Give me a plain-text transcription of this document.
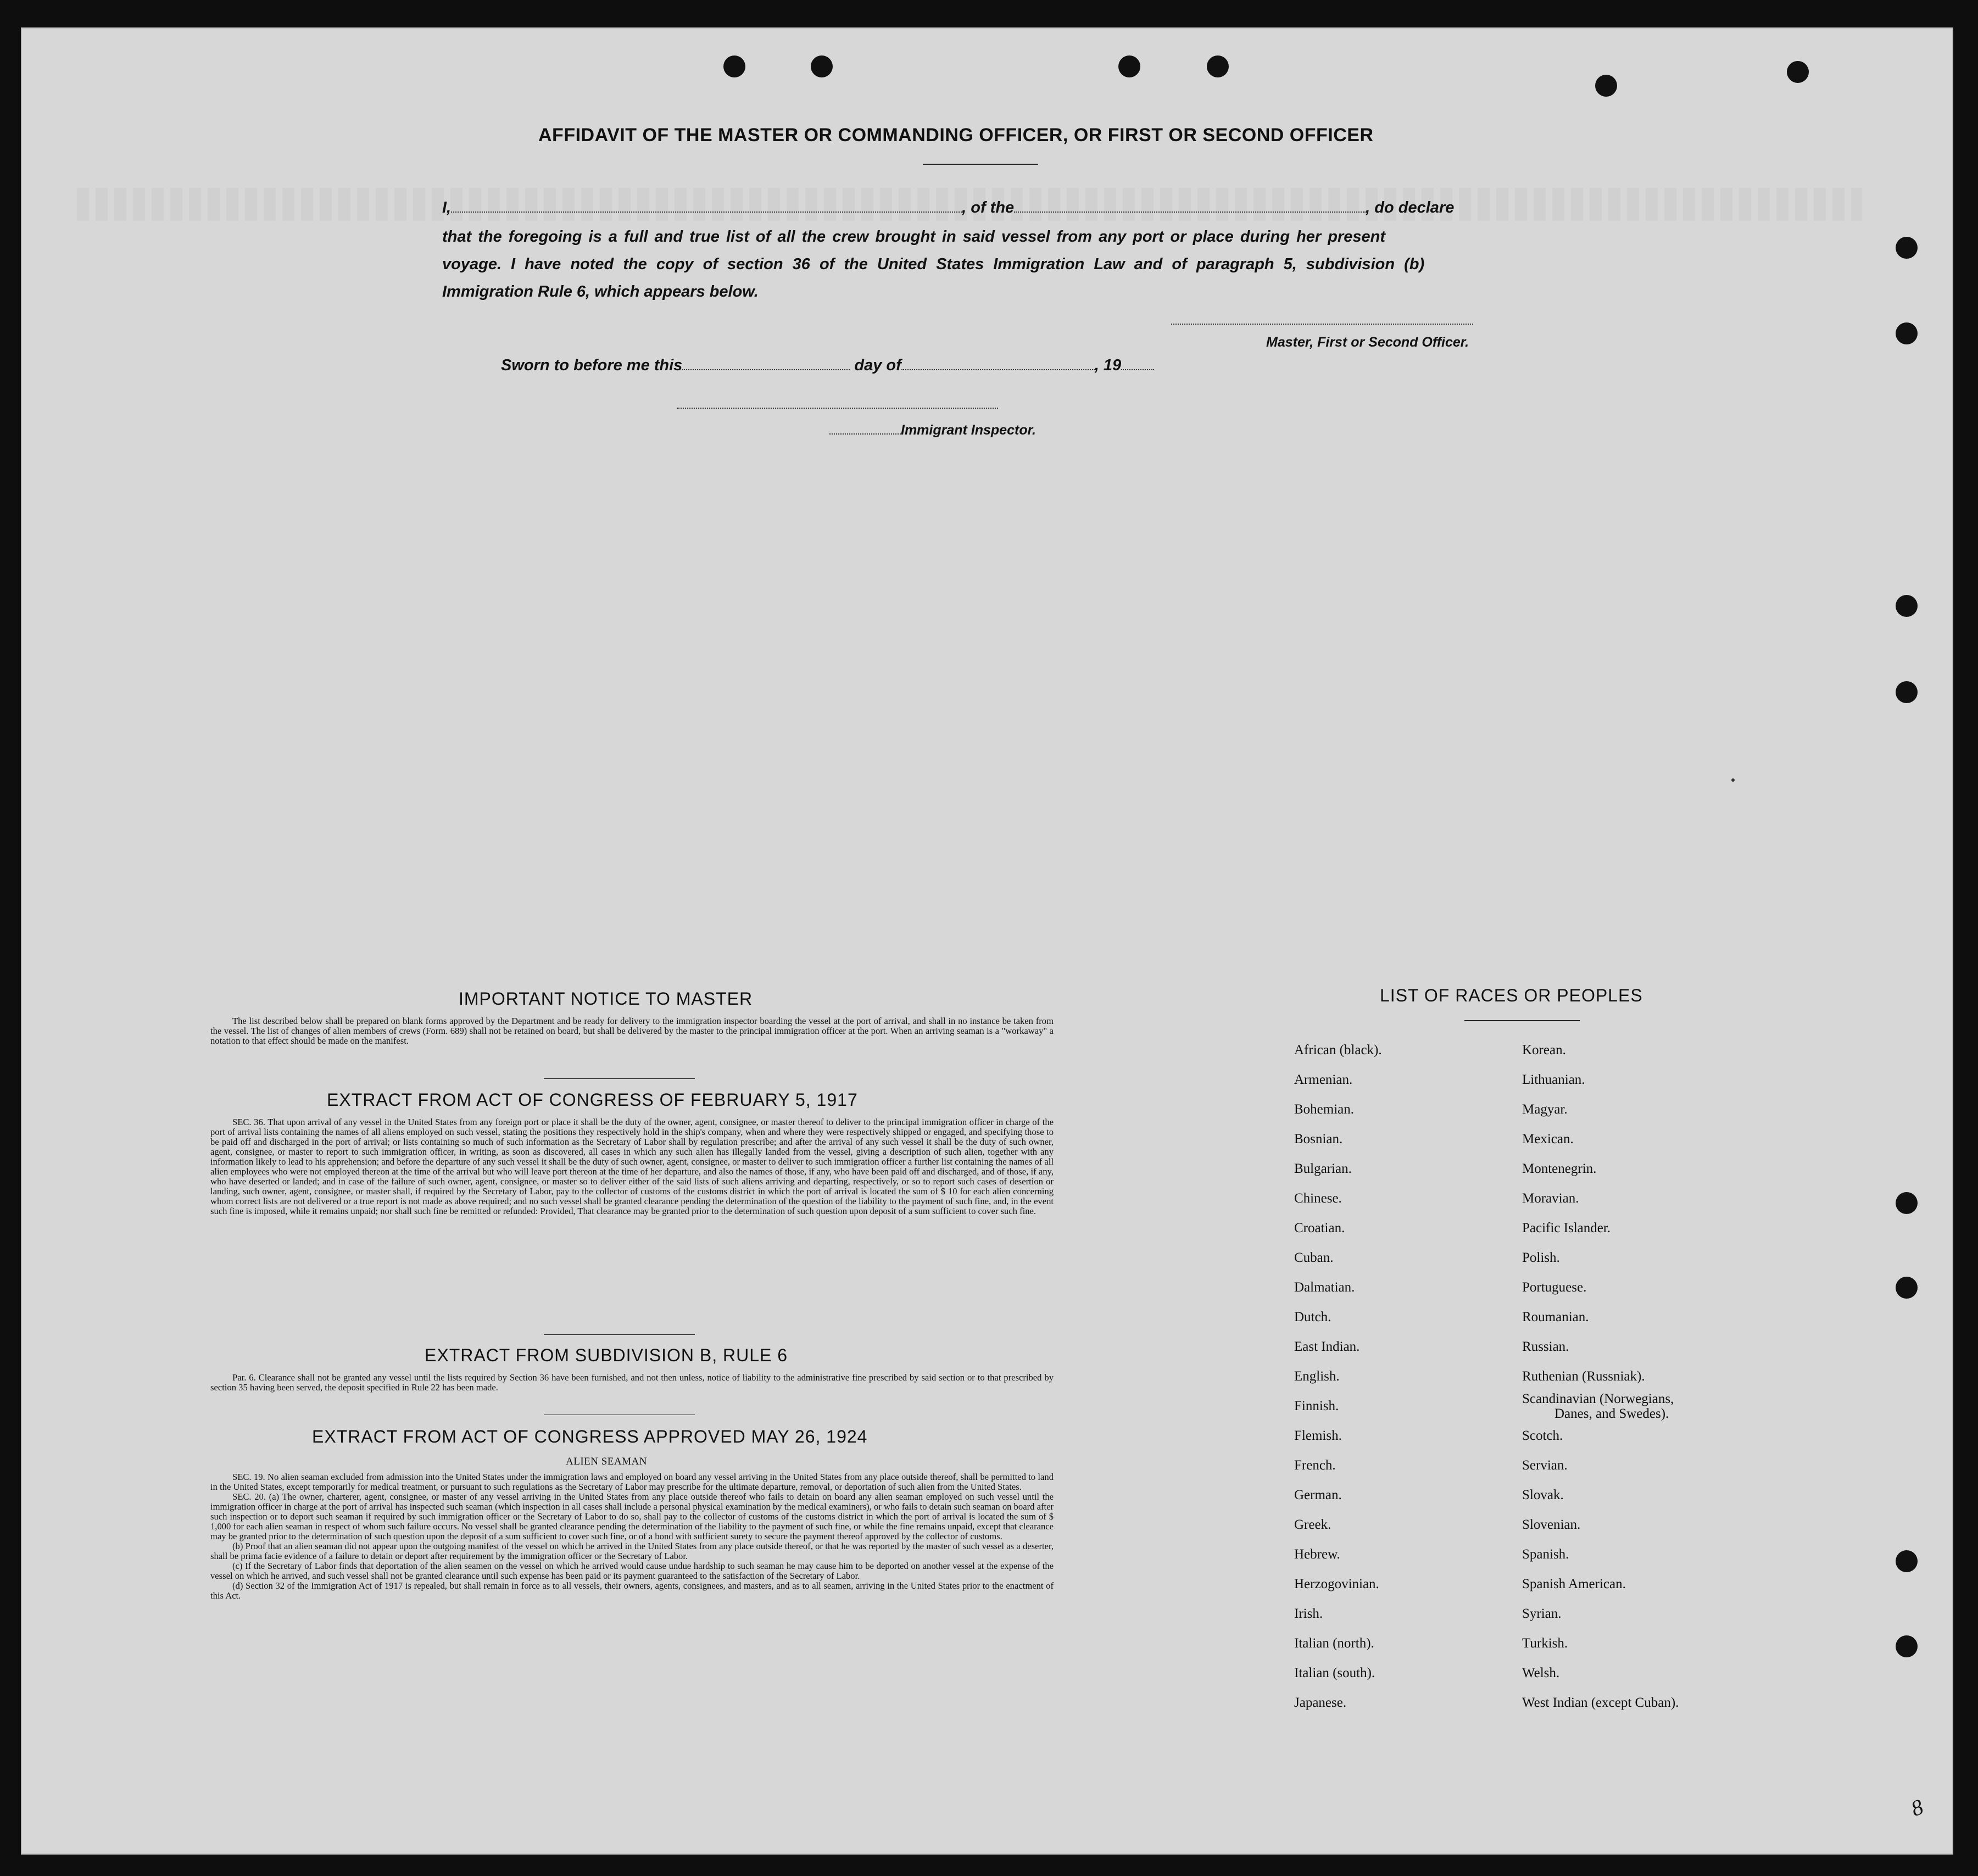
AFFIDAVIT OF THE MASTER OR COMMANDING OFFICER, OR FIRST OR SECOND OFFICER
I,	, of the	, do declare
that the foregoing is a full and true list of all the crew brought in said vessel from any port or place during her present
voyage. I have noted the copy of section 36 of the United States Immigration Law and of paragraph 5, subdivision (b)
Immigration Rule 6, which appears below.
Master, First or Second Officer.
Sworn to before me this	day of	, 19
Immigrant Inspector.
IMPORTANT NOTICE TO MASTER

The list described below shall be prepared on blank forms approved by the Department and be ready for delivery to the immigration inspector boarding the vessel at the port of arrival, and shall in no instance be taken from the vessel. The list of changes of alien members of crews (Form. 689) shall not be retained on board, but shall be delivered by the master to the principal immigration officer at the port. When an arriving seaman is a "workaway" a notation to that effect should be made on the manifest.

EXTRACT FROM ACT OF CONGRESS OF FEBRUARY 5, 1917

SEC. 36. That upon arrival of any vessel in the United States from any foreign port or place it shall be the duty of the owner, agent, consignee, or master thereof to deliver to the principal immigration officer in charge of the port of arrival lists containing the names of all aliens employed on such vessel, stating the positions they respectively hold in the ship's company, when and where they were respectively shipped or engaged, and specifying those to be paid off and discharged in the port of arrival; or lists containing so much of such information as the Secretary of Labor shall by regulation prescribe; and after the arrival of any such vessel it shall be the duty of such owner, agent, consignee, or master to report to such immigration officer, in writing, as soon as discovered, all cases in which any such alien has illegally landed from the vessel, giving a description of such alien, together with any information likely to lead to his apprehension; and before the departure of any such vessel it shall be the duty of such owner, agent, consignee, or master to deliver to such immigration officer a further list containing the names of all alien employees who were not employed thereon at the time of the arrival but who will leave port thereon at the time of her departure, and also the names of those, if any, who have been paid off and discharged, and of those, if any, who have deserted or landed; and in case of the failure of such owner, agent, consignee, or master so to deliver either of the said lists of such aliens arriving and departing, respectively, or so to report such cases of desertion or landing, such owner, agent, consignee, or master shall, if required by the Secretary of Labor, pay to the collector of customs of the customs district in which the port of arrival is located the sum of $ 10 for each alien concerning whom correct lists are not delivered or a true report is not made as above required; and no such vessel shall be granted clearance pending the determination of the question of the liability to the payment of such fine, and, in the event such fine is imposed, while it remains unpaid; nor shall such fine be remitted or refunded: Provided, That clearance may be granted prior to the determination of such question upon deposit of a sum sufficient to cover such fine.

EXTRACT FROM SUBDIVISION B, RULE 6

Par. 6. Clearance shall not be granted any vessel until the lists required by Section 36 have been furnished, and not then unless, notice of liability to the administrative fine prescribed by said section or to that prescribed by section 35 having been served, the deposit specified in Rule 22 has been made.

EXTRACT FROM ACT OF CONGRESS APPROVED MAY 26, 1924
ALIEN SEAMAN

SEC. 19. No alien seaman excluded from admission into the United States under the immigration laws and employed on board any vessel arriving in the United States from any place outside thereof, shall be permitted to land in the United States, except temporarily for medical treatment, or pursuant to such regulations as the Secretary of Labor may prescribe for the ultimate departure, removal, or deportation of such alien from the United States.

SEC. 20. (a) The owner, charterer, agent, consignee, or master of any vessel arriving in the United States from any place outside thereof who fails to detain on board any alien seaman employed on such vessel until the immigration officer in charge at the port of arrival has inspected such seaman (which inspection in all cases shall include a personal physical examination by the medical examiners), or who fails to detain such seaman on board after such inspection or to deport such seaman if required by such immigration officer or the Secretary of Labor to do so, shall pay to the collector of customs of the customs district in which the port of arrival is located the sum of $ 1,000 for each alien seaman in respect of whom such failure occurs. No vessel shall be granted clearance pending the determination of the liability to the payment of such fine, or while the fine remains unpaid, except that clearance may be granted prior to the determination of such question upon the deposit of a sum sufficient to cover such fine, or of a bond with sufficient surety to secure the payment thereof approved by the collector of customs.

(b) Proof that an alien seaman did not appear upon the outgoing manifest of the vessel on which he arrived in the United States from any place outside thereof, or that he was reported by the master of such vessel as a deserter, shall be prima facie evidence of a failure to detain or deport after requirement by the immigration officer or the Secretary of Labor.

(c) If the Secretary of Labor finds that deportation of the alien seamen on the vessel on which he arrived would cause undue hardship to such seaman he may cause him to be deported on another vessel at the expense of the vessel on which he arrived, and such vessel shall not be granted clearance until such expense has been paid or its payment guaranteed to the satisfaction of the Secretary of Labor.

(d) Section 32 of the Immigration Act of 1917 is repealed, but shall remain in force as to all vessels, their owners, agents, consignees, and masters, and as to all seamen, arriving in the United States prior to the enactment of this Act.

LIST OF RACES OR PEOPLES
African (black).
Armenian.
Bohemian.
Bosnian.
Bulgarian.
Chinese.
Croatian.
Cuban.
Dalmatian.
Dutch.
East Indian.
English.
Finnish.
Flemish.
French.
German.
Greek.
Hebrew.
Herzogovinian.
Irish.
Italian (north).
Italian (south).
Japanese.
Korean.
Lithuanian.
Magyar.
Mexican.
Montenegrin.
Moravian.
Pacific Islander.
Polish.
Portuguese.
Roumanian.
Russian.
Ruthenian (Russniak).
Scandinavian (Norwegians,
Danes, and Swedes).
Scotch.
Servian.
Slovak.
Slovenian.
Spanish.
Spanish American.
Syrian.
Turkish.
Welsh.
West Indian (except Cuban).
8
